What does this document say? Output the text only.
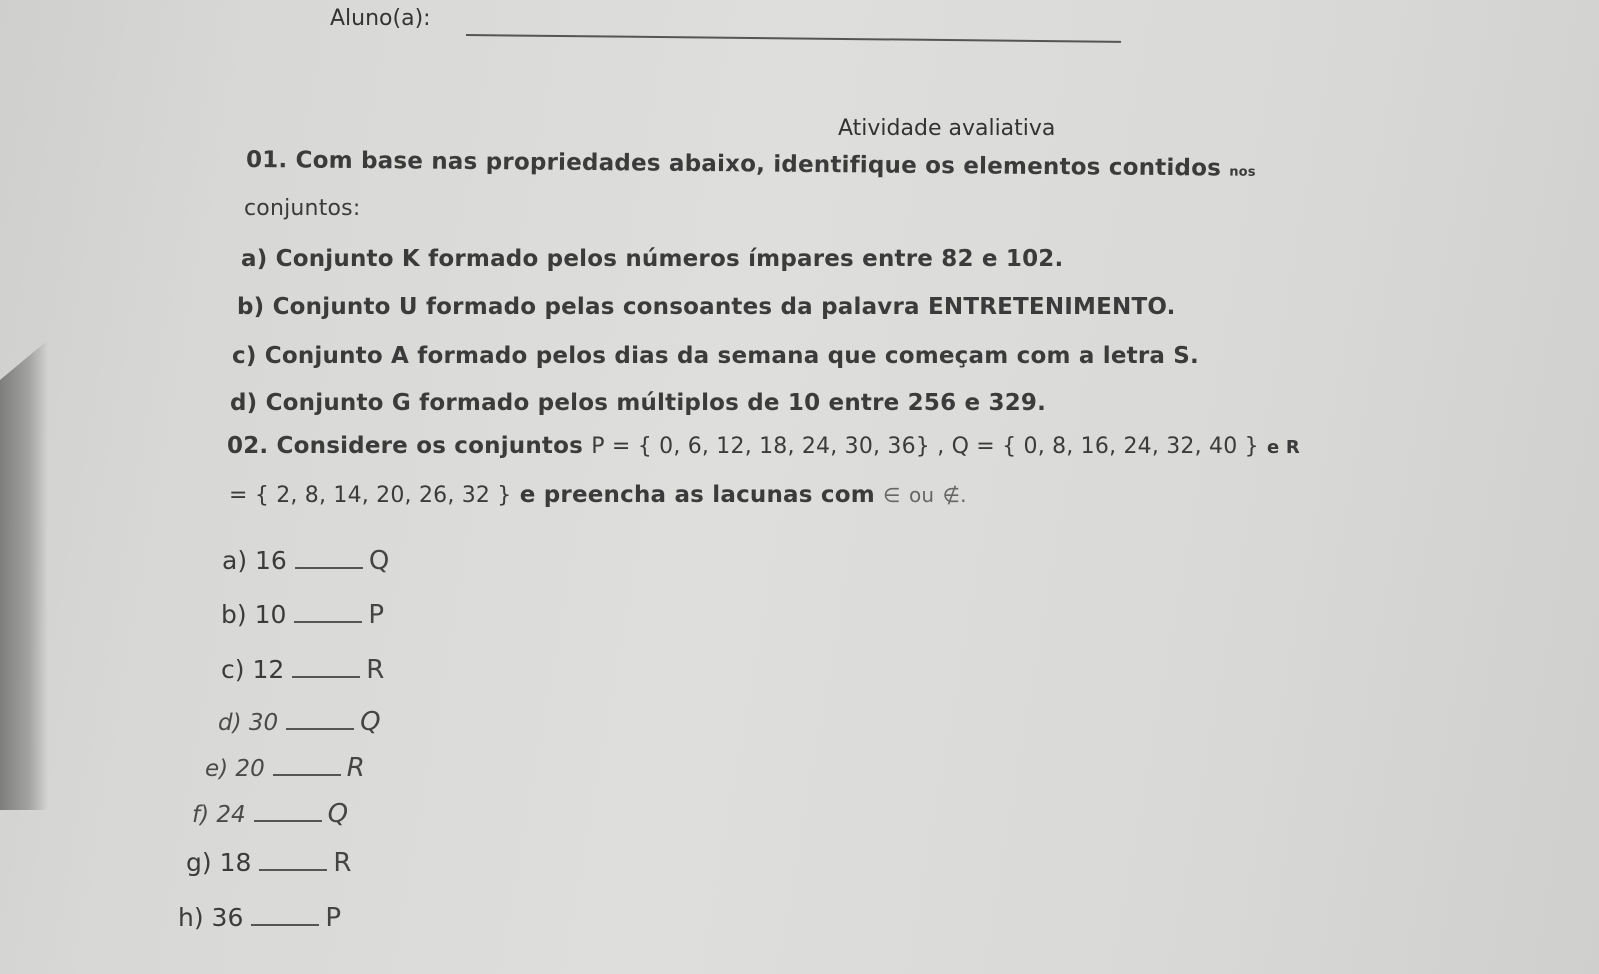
Aluno(a):
Atividade avaliativa
01. Com base nas propriedades abaixo, identifique os elementos contidos nos
conjuntos:
a) Conjunto K formado pelos números ímpares entre 82 e 102.
b) Conjunto U formado pelas consoantes da palavra ENTRETENIMENTO.
c) Conjunto A formado pelos dias da semana que começam com a letra S.
d) Conjunto G formado pelos múltiplos de 10 entre 256 e 329.
02. Considere os conjuntos P = { 0, 6, 12, 18, 24, 30, 36} , Q = { 0, 8, 16, 24, 32, 40 } e R
= { 2, 8, 14, 20, 26, 32 } e preencha as lacunas com ∈ ou ∉.
a) 16	Q
b) 10	P
c) 12	R
d) 30	Q
e) 20	R
f) 24	Q
g) 18	R
h) 36	P
